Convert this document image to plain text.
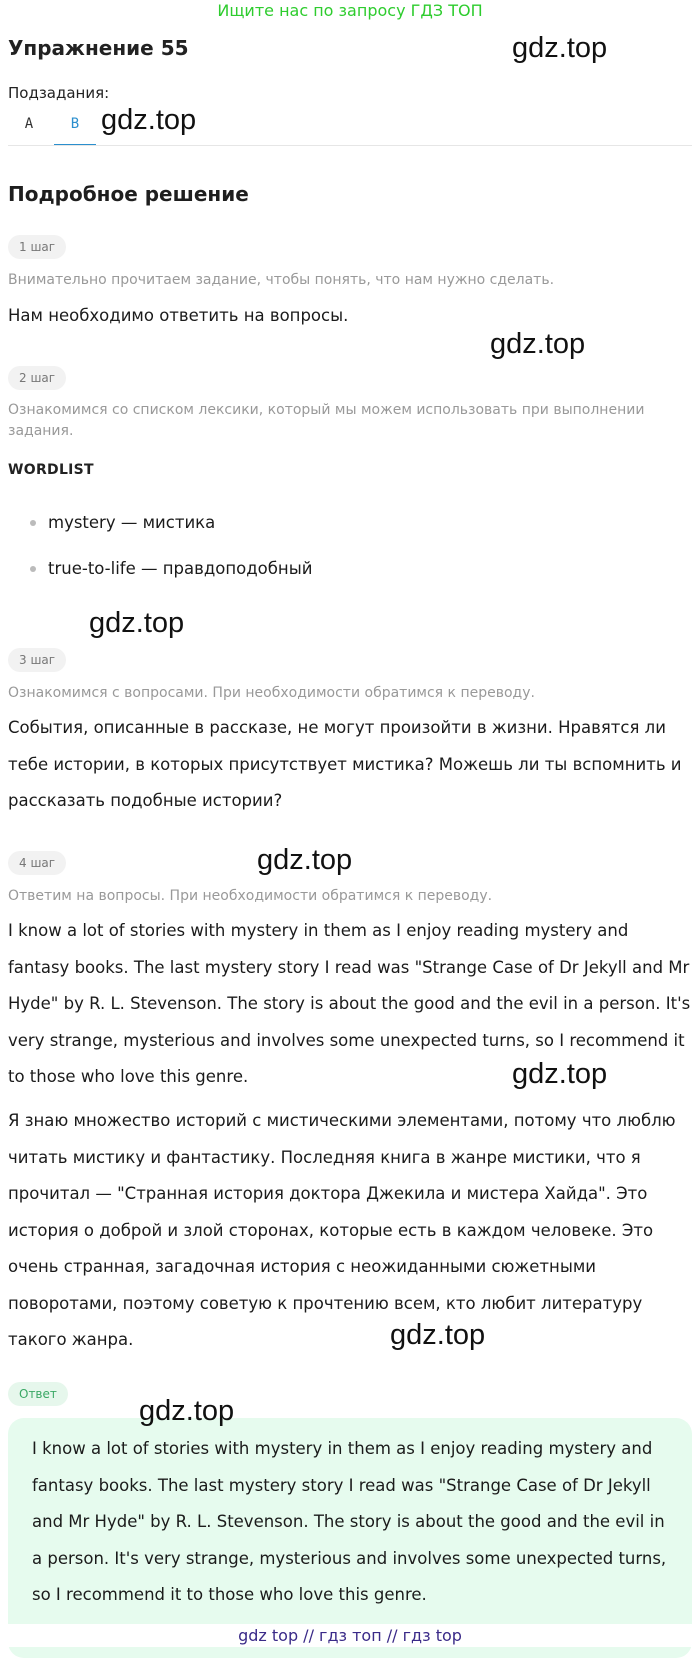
Ищите нас по запросу ГДЗ ТОП
Упражнение 55	gdz.top
Подзадания:
A	B gdz.top
Подробное решение
1 шаг
Внимательно прочитаем задание, чтобы понять, что нам нужно сделать.
Нам необходимо ответить на вопросы.
gdz.top
2 шаг
Ознакомимся со списком лексики, который мы можем использовать при выполнении задания.
WORDLIST
mystery — мистика
true-to-life — правдоподобный
gdz.top
3 шаг
Ознакомимся с вопросами. При необходимости обратимся к переводу.
События, описанные в рассказе, не могут произойти в жизни. Нравятся ли тебе истории, в которых присутствует мистика? Можешь ли ты вспомнить и рассказать подобные истории?
gdz.top
4 шаг
Ответим на вопросы. При необходимости обратимся к переводу.
I know a lot of stories with mystery in them as I enjoy reading mystery and fantasy books. The last mystery story I read was "Strange Case of Dr Jekyll and Mr Hyde" by R. L. Stevenson. The story is about the good and the evil in a person. It's very strange, mysterious and involves some unexpected turns, so I recommend it to those who love this genre.	gdz.top
Я знаю множество историй с мистическими элементами, потому что люблю читать мистику и фантастику. Последняя книга в жанре мистики, что я прочитал — "Странная история доктора Джекила и мистера Хайда". Это история о доброй и злой сторонах, которые есть в каждом человеке. Это очень странная, загадочная история с неожиданными сюжетными поворотами, поэтому советую к прочтению всем, кто любит литературу такого жанра.	gdz.top
Ответ
gdz.top
I know a lot of stories with mystery in them as I enjoy reading mystery and fantasy books. The last mystery story I read was "Strange Case of Dr Jekyll and Mr Hyde" by R. L. Stevenson. The story is about the good and the evil in a person. It's very strange, mysterious and involves some unexpected turns, so I recommend it to those who love this genre.
gdz top // гдз топ // гдз top
